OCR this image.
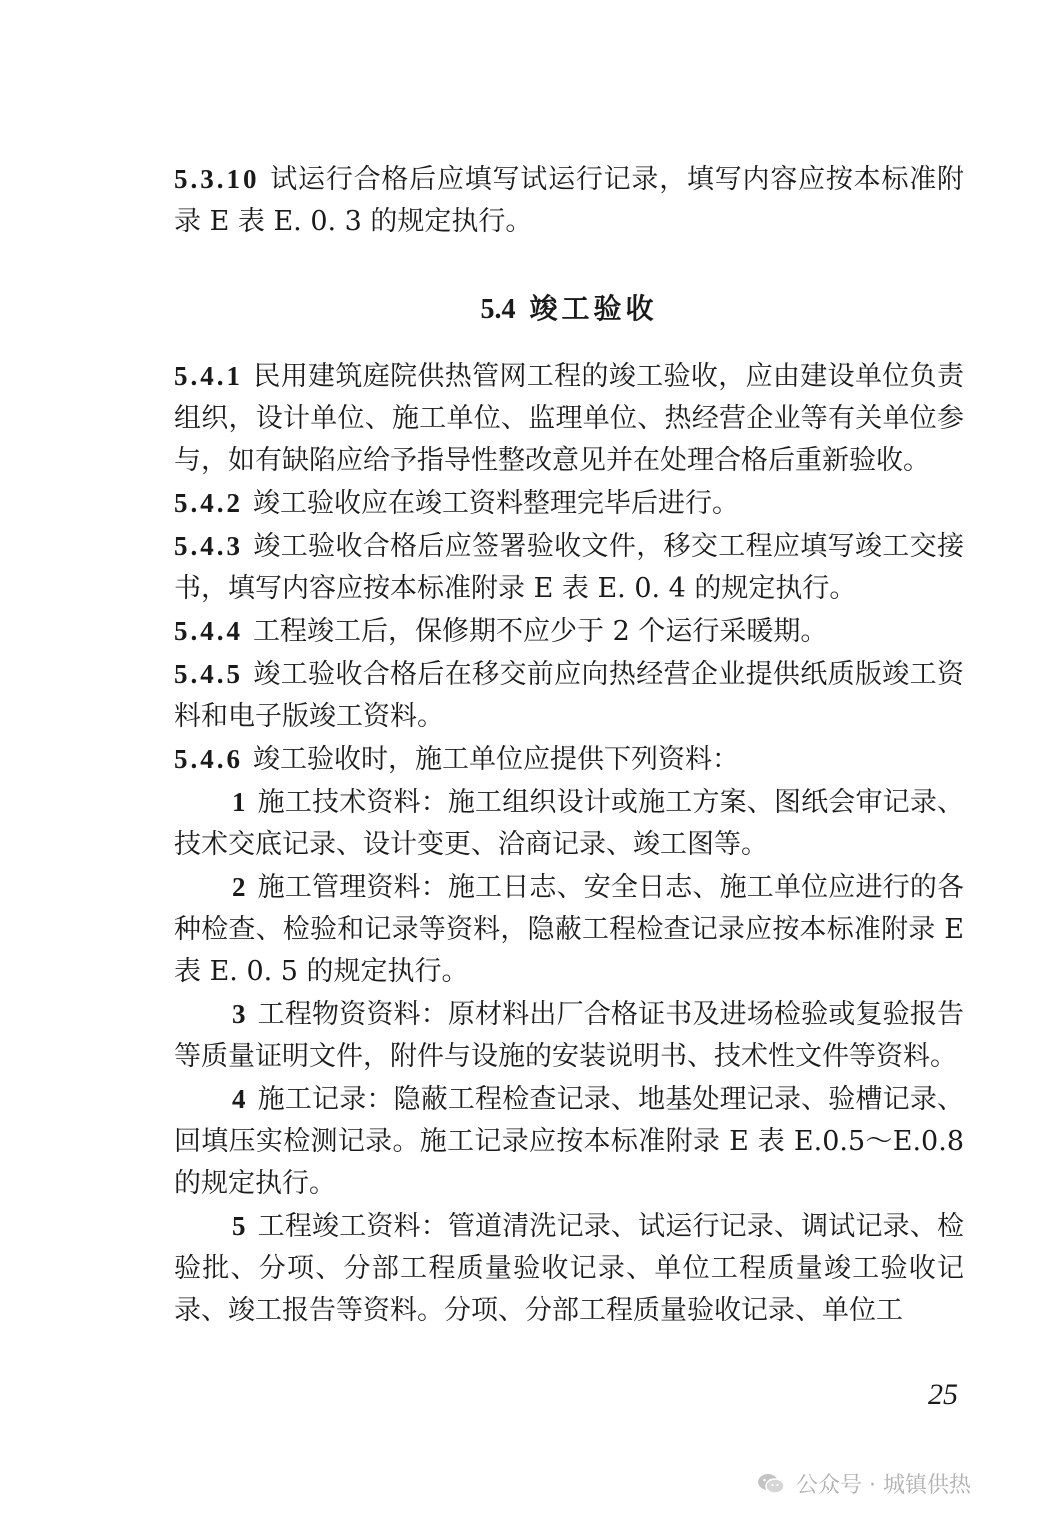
5.3.10 试运行合格后应填写试运行记录，填写内容应按本标准附录 E 表 E. 0. 3 的规定执行。

5.4 竣工验收

5.4.1 民用建筑庭院供热管网工程的竣工验收，应由建设单位负责组织，设计单位、施工单位、监理单位、热经营企业等有关单位参与，如有缺陷应给予指导性整改意见并在处理合格后重新验收。

5.4.2 竣工验收应在竣工资料整理完毕后进行。

5.4.3 竣工验收合格后应签署验收文件，移交工程应填写竣工交接书，填写内容应按本标准附录 E 表 E. 0. 4 的规定执行。

5.4.4 工程竣工后，保修期不应少于 2 个运行采暖期。

5.4.5 竣工验收合格后在移交前应向热经营企业提供纸质版竣工资料和电子版竣工资料。

5.4.6 竣工验收时，施工单位应提供下列资料：

1 施工技术资料：施工组织设计或施工方案、图纸会审记录、技术交底记录、设计变更、洽商记录、竣工图等。

2 施工管理资料：施工日志、安全日志、施工单位应进行的各种检查、检验和记录等资料，隐蔽工程检查记录应按本标准附录 E 表 E. 0. 5 的规定执行。

3 工程物资资料：原材料出厂合格证书及进场检验或复验报告等质量证明文件，附件与设施的安装说明书、技术性文件等资料。

4 施工记录：隐蔽工程检查记录、地基处理记录、验槽记录、回填压实检测记录。施工记录应按本标准附录 E 表 E.0.5～E.0.8 的规定执行。

5 工程竣工资料：管道清洗记录、试运行记录、调试记录、检验批、分项、分部工程质量验收记录、单位工程质量竣工验收记录、竣工报告等资料。分项、分部工程质量验收记录、单位工

25
公众号 · 城镇供热
